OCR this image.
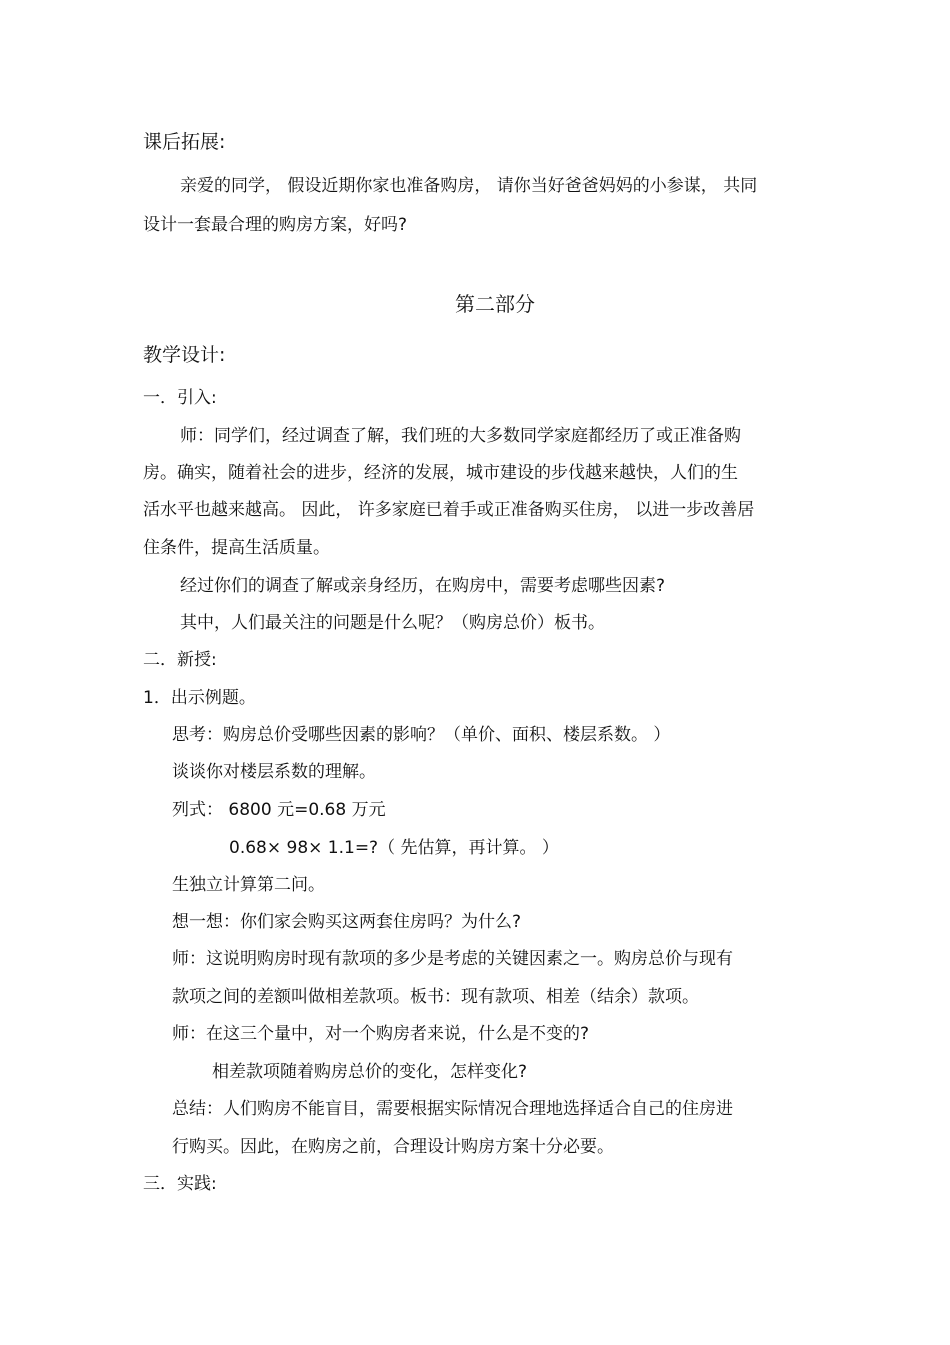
课后拓展:
亲爱的同学， 假设近期你家也准备购房， 请你当好爸爸妈妈的小参谋， 共同
设计一套最合理的购房方案，好吗?
第二部分
教学设计:
一．引入:
师：同学们，经过调查了解，我们班的大多数同学家庭都经历了或正准备购
房。确实，随着社会的进步，经济的发展，城市建设的步伐越来越快，人们的生
活水平也越来越高。 因此， 许多家庭已着手或正准备购买住房， 以进一步改善居
住条件，提高生活质量。
经过你们的调查了解或亲身经历，在购房中，需要考虑哪些因素?
其中，人们最关注的问题是什么呢？（购房总价）板书。
二．新授:
1．出示例题。
思考：购房总价受哪些因素的影响？（单价、面积、楼层系数。 ）
谈谈你对楼层系数的理解。
列式： 6800 元=0.68 万元
0.68× 98× 1.1=?（ 先估算，再计算。 ）
生独立计算第二问。
想一想：你们家会购买这两套住房吗？为什么?
师：这说明购房时现有款项的多少是考虑的关键因素之一。购房总价与现有
款项之间的差额叫做相差款项。板书：现有款项、相差（结余）款项。
师：在这三个量中，对一个购房者来说，什么是不变的?
相差款项随着购房总价的变化，怎样变化?
总结：人们购房不能盲目，需要根据实际情况合理地选择适合自己的住房进
行购买。因此，在购房之前，合理设计购房方案十分必要。
三．实践:
